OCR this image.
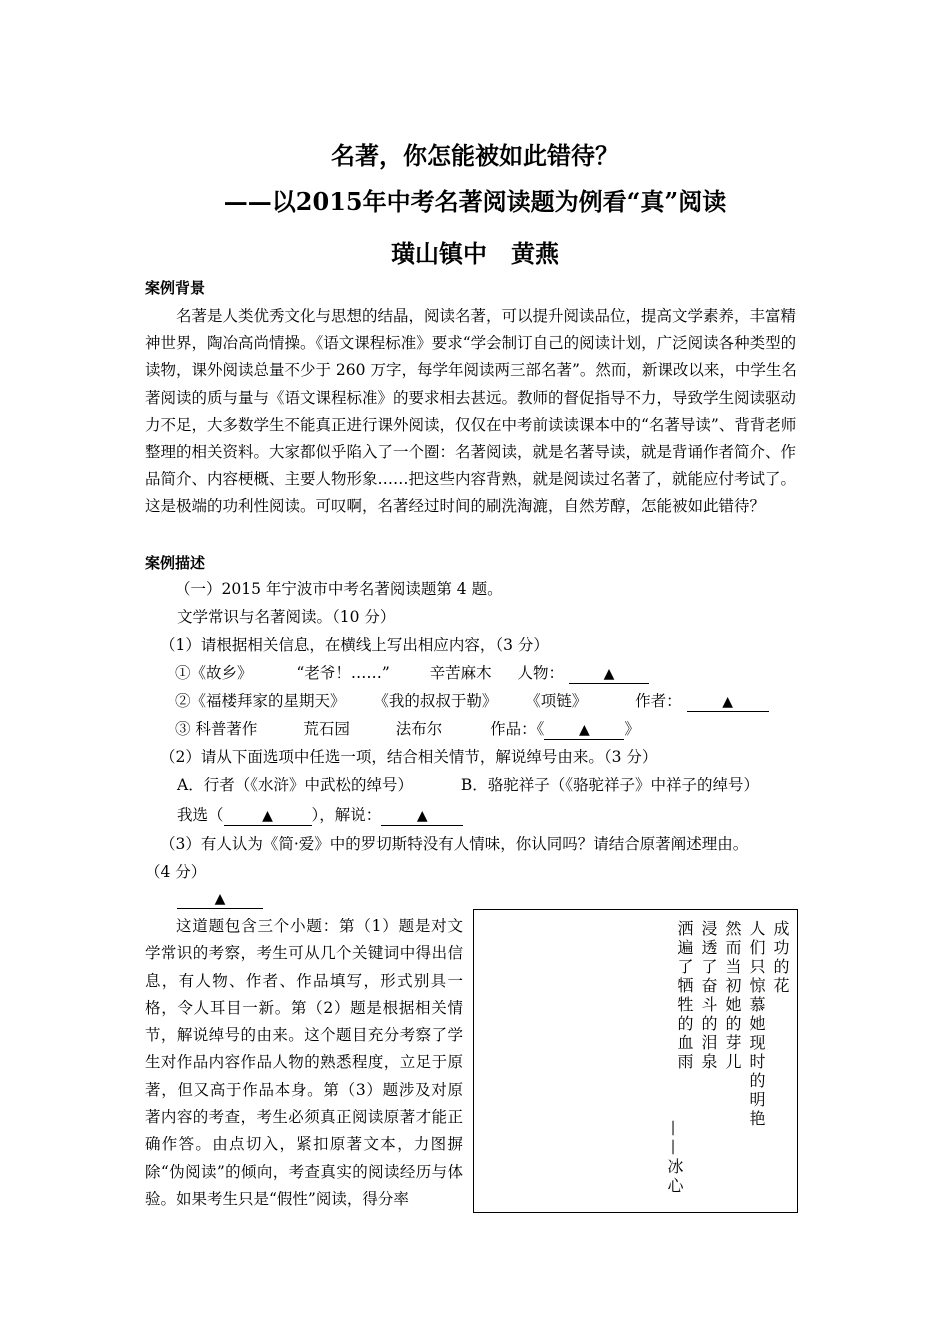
名著，你怎能被如此错待？
——以2015年中考名著阅读题为例看“真”阅读
璜山镇中　黄燕
案例背景
名著是人类优秀文化与思想的结晶，阅读名著，可以提升阅读品位，提高文学素养，丰富精神世界，陶冶高尚情操。《语文课程标准》要求“学会制订自己的阅读计划，广泛阅读各种类型的读物，课外阅读总量不少于 260 万字，每学年阅读两三部名著”。然而，新课改以来，中学生名著阅读的质与量与《语文课程标准》的要求相去甚远。教师的督促指导不力，导致学生阅读驱动力不足，大多数学生不能真正进行课外阅读，仅仅在中考前读读课本中的“名著导读”、背背老师整理的相关资料。大家都似乎陷入了一个圈：名著阅读，就是名著导读，就是背诵作者简介、作品简介、内容梗概、主要人物形象……把这些内容背熟，就是阅读过名著了，就能应付考试了。这是极端的功利性阅读。可叹啊，名著经过时间的刷洗淘漉，自然芳醇，怎能被如此错待？
案例描述
（一）2015 年宁波市中考名著阅读题第 4 题。
文学常识与名著阅读。（10 分）
（1）请根据相关信息，在横线上写出相应内容，（3 分）
①《故乡》	“老爷！……”	辛苦麻木 人物：	▲
②《福楼拜家的星期天》 《我的叔叔于勒》 《项链》	作者：	▲
③ 科普著作	荒石园	法布尔	作品：《 ▲ 》
（2）请从下面选项中任选一项，结合相关情节，解说绰号由来。（3 分）
A．行者（《水浒》中武松的绰号）	B．骆驼祥子（《骆驼祥子》中祥子的绰号）
我选（	▲ ），解说：	▲
（3）有人认为《简·爱》中的罗切斯特没有人情味，你认同吗？请结合原著阐述理由。
（4 分）
▲
这道题包含三个小题：第（1）题是对文学常识的考察，考生可从几个关键词中得出信息，有人物、作者、作品填写，形式别具一格，令人耳目一新。第（2）题是根据相关情节，解说绰号的由来。这个题目充分考察了学生对作品内容作品人物的熟悉程度，立足于原著，但又高于作品本身。第（3）题涉及对原著内容的考查，考生必须真正阅读原著才能正确作答。由点切入，紧扣原著文本，力图摒除“伪阅读”的倾向，考查真实的阅读经历与体验。如果考生只是“假性”阅读，得分率
成功的花
人们只惊慕她现时的明艳
然而当初她的芽儿
浸透了奋斗的泪泉
洒遍了牺牲的血雨
——冰心
